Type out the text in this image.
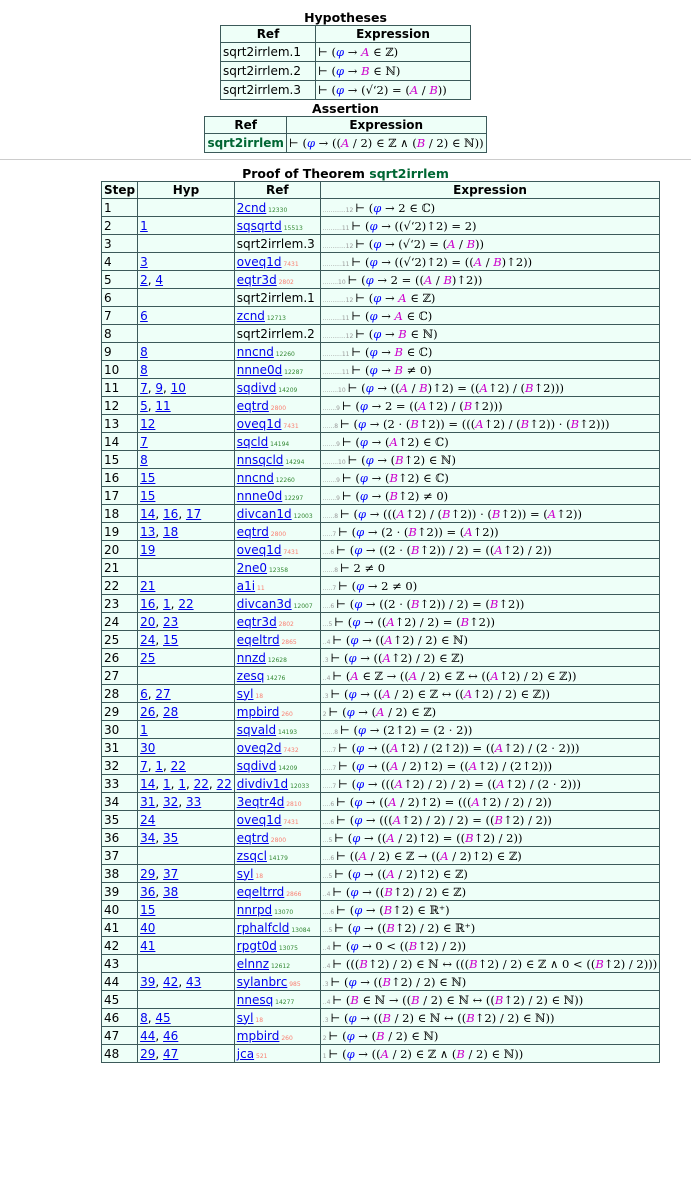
Hypotheses
Ref	Expression
sqrt2irrlem.1	⊢ (φ → A ∈ ℤ)
sqrt2irrlem.2	⊢ (φ → B ∈ ℕ)
sqrt2irrlem.3	⊢ (φ → (√‘2) = (A / B))
Assertion
Ref	Expression
sqrt2irrlem	⊢ (φ → ((A / 2) ∈ ℤ ∧ (B / 2) ∈ ℕ))
Proof of Theorem sqrt2irrlem
Step	Hyp	Ref	Expression
1		2cnd 12330	............12 ⊢ (φ → 2 ∈ ℂ)
2	1	sqsqrtd 15513	..........11 ⊢ (φ → ((√‘2)↑2) = 2)
3		sqrt2irrlem.3	............12 ⊢ (φ → (√‘2) = (A / B))
4	3	oveq1d 7431	..........11 ⊢ (φ → ((√‘2)↑2) = ((A / B)↑2))
5	2, 4	eqtr3d 2802	........10 ⊢ (φ → 2 = ((A / B)↑2))
6		sqrt2irrlem.1	............12 ⊢ (φ → A ∈ ℤ)
7	6	zcnd 12713	..........11 ⊢ (φ → A ∈ ℂ)
8		sqrt2irrlem.2	............12 ⊢ (φ → B ∈ ℕ)
9	8	nncnd 12260	..........11 ⊢ (φ → B ∈ ℂ)
10	8	nnne0d 12287	..........11 ⊢ (φ → B ≠ 0)
11	7, 9, 10	sqdivd 14209	........10 ⊢ (φ → ((A / B)↑2) = ((A↑2) / (B↑2)))
12	5, 11	eqtrd 2800	.......9 ⊢ (φ → 2 = ((A↑2) / (B↑2)))
13	12	oveq1d 7431	......8 ⊢ (φ → (2 · (B↑2)) = (((A↑2) / (B↑2)) · (B↑2)))
14	7	sqcld 14194	.......9 ⊢ (φ → (A↑2) ∈ ℂ)
15	8	nnsqcld 14294	........10 ⊢ (φ → (B↑2) ∈ ℕ)
16	15	nncnd 12260	.......9 ⊢ (φ → (B↑2) ∈ ℂ)
17	15	nnne0d 12297	.......9 ⊢ (φ → (B↑2) ≠ 0)
18	14, 16, 17	divcan1d 12003	......8 ⊢ (φ → (((A↑2) / (B↑2)) · (B↑2)) = (A↑2))
19	13, 18	eqtrd 2800	.....7 ⊢ (φ → (2 · (B↑2)) = (A↑2))
20	19	oveq1d 7431	....6 ⊢ (φ → ((2 · (B↑2)) / 2) = ((A↑2) / 2))
21		2ne0 12358	......8 ⊢ 2 ≠ 0
22	21	a1i 11	.....7 ⊢ (φ → 2 ≠ 0)
23	16, 1, 22	divcan3d 12007	....6 ⊢ (φ → ((2 · (B↑2)) / 2) = (B↑2))
24	20, 23	eqtr3d 2802	...5 ⊢ (φ → ((A↑2) / 2) = (B↑2))
25	24, 15	eqeltrd 2865	..4 ⊢ (φ → ((A↑2) / 2) ∈ ℕ)
26	25	nnzd 12628	.3 ⊢ (φ → ((A↑2) / 2) ∈ ℤ)
27		zesq 14276	..4 ⊢ (A ∈ ℤ → ((A / 2) ∈ ℤ ↔ ((A↑2) / 2) ∈ ℤ))
28	6, 27	syl 18	.3 ⊢ (φ → ((A / 2) ∈ ℤ ↔ ((A↑2) / 2) ∈ ℤ))
29	26, 28	mpbird 260	2 ⊢ (φ → (A / 2) ∈ ℤ)
30	1	sqvald 14193	......8 ⊢ (φ → (2↑2) = (2 · 2))
31	30	oveq2d 7432	.....7 ⊢ (φ → ((A↑2) / (2↑2)) = ((A↑2) / (2 · 2)))
32	7, 1, 22	sqdivd 14209	.....7 ⊢ (φ → ((A / 2)↑2) = ((A↑2) / (2↑2)))
33	14, 1, 1, 22, 22	divdiv1d 12033	.....7 ⊢ (φ → (((A↑2) / 2) / 2) = ((A↑2) / (2 · 2)))
34	31, 32, 33	3eqtr4d 2810	....6 ⊢ (φ → ((A / 2)↑2) = (((A↑2) / 2) / 2))
35	24	oveq1d 7431	....6 ⊢ (φ → (((A↑2) / 2) / 2) = ((B↑2) / 2))
36	34, 35	eqtrd 2800	...5 ⊢ (φ → ((A / 2)↑2) = ((B↑2) / 2))
37		zsqcl 14179	....6 ⊢ ((A / 2) ∈ ℤ → ((A / 2)↑2) ∈ ℤ)
38	29, 37	syl 18	...5 ⊢ (φ → ((A / 2)↑2) ∈ ℤ)
39	36, 38	eqeltrrd 2866	..4 ⊢ (φ → ((B↑2) / 2) ∈ ℤ)
40	15	nnrpd 13070	....6 ⊢ (φ → (B↑2) ∈ ℝ⁺)
41	40	rphalfcld 13084	...5 ⊢ (φ → ((B↑2) / 2) ∈ ℝ⁺)
42	41	rpgt0d 13075	..4 ⊢ (φ → 0 < ((B↑2) / 2))
43		elnnz 12612	..4 ⊢ (((B↑2) / 2) ∈ ℕ ↔ (((B↑2) / 2) ∈ ℤ ∧ 0 < ((B↑2) / 2)))
44	39, 42, 43	sylanbrc 985	.3 ⊢ (φ → ((B↑2) / 2) ∈ ℕ)
45		nnesq 14277	..4 ⊢ (B ∈ ℕ → ((B / 2) ∈ ℕ ↔ ((B↑2) / 2) ∈ ℕ))
46	8, 45	syl 18	.3 ⊢ (φ → ((B / 2) ∈ ℕ ↔ ((B↑2) / 2) ∈ ℕ))
47	44, 46	mpbird 260	2 ⊢ (φ → (B / 2) ∈ ℕ)
48	29, 47	jca 521	1 ⊢ (φ → ((A / 2) ∈ ℤ ∧ (B / 2) ∈ ℕ))
